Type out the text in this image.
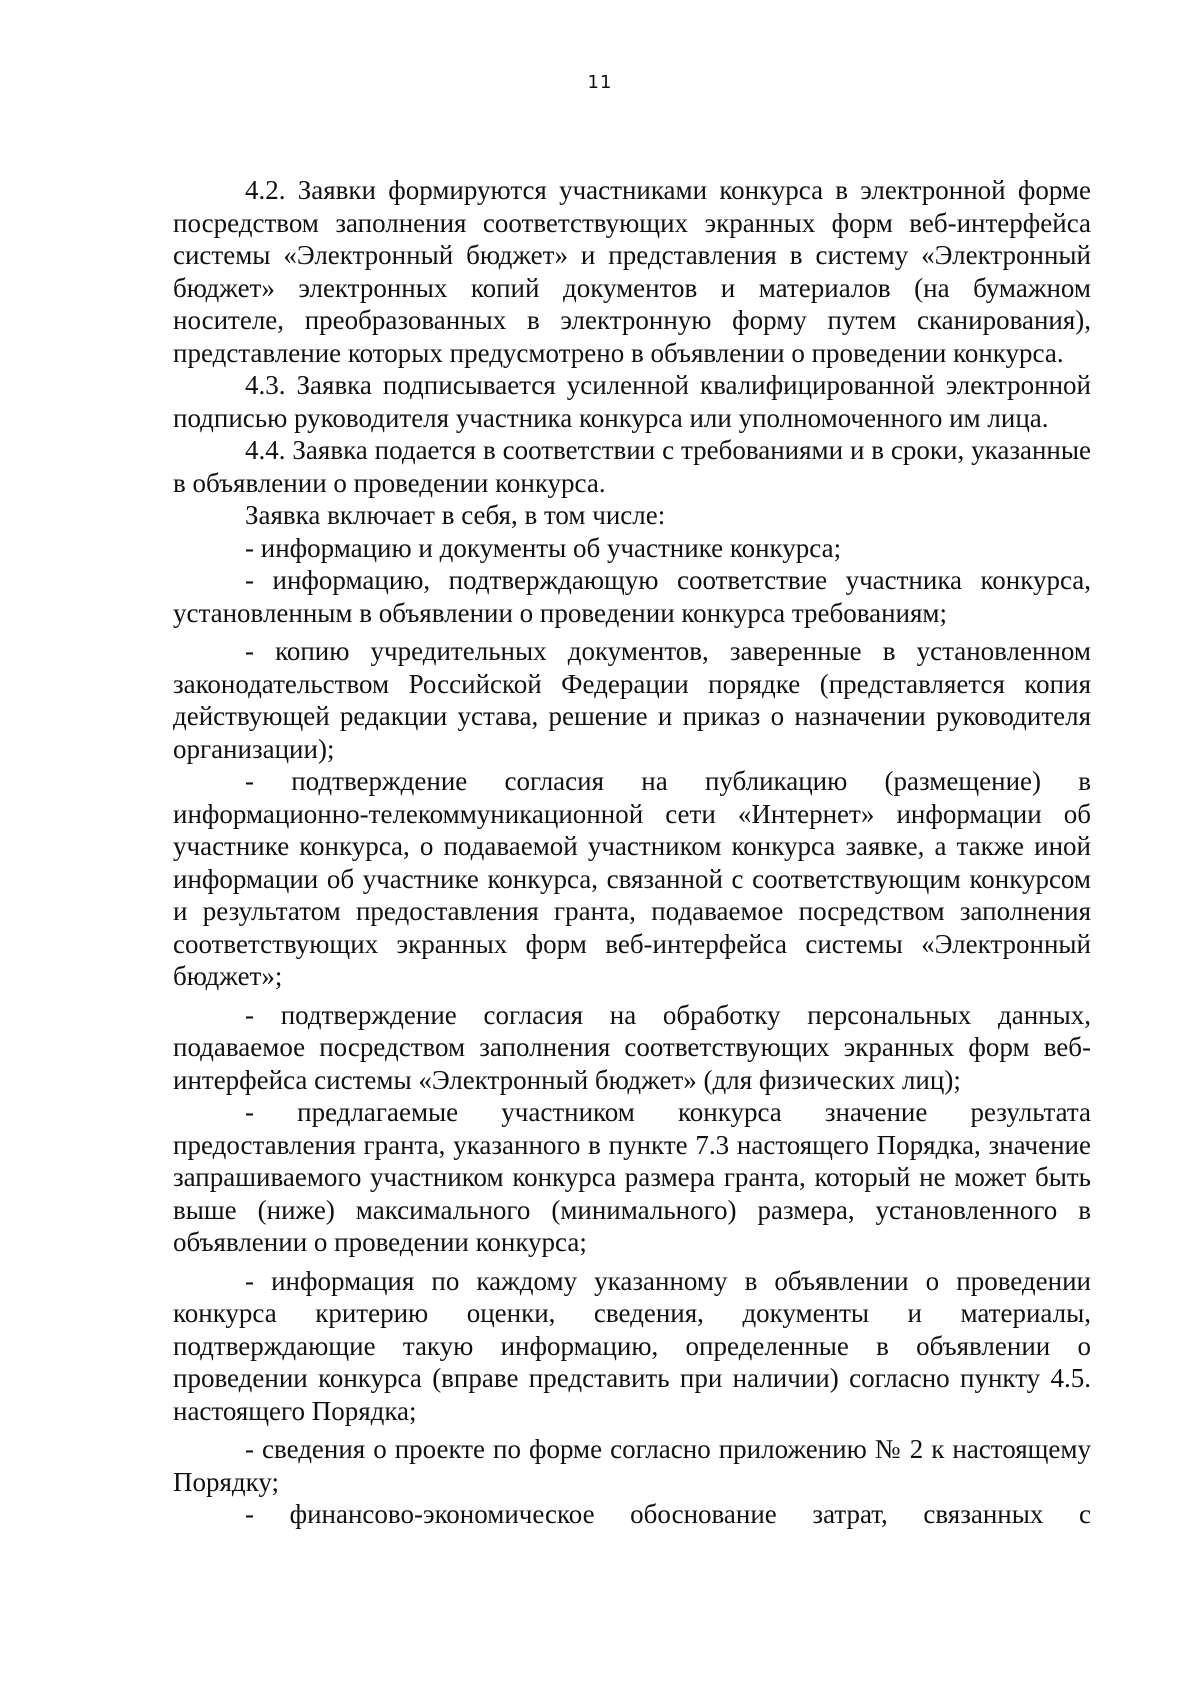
11

4.2. Заявки формируются участниками конкурса в электронной форме посредством заполнения соответствующих экранных форм веб-интерфейса системы «Электронный бюджет» и представления в систему «Электронный бюджет» электронных копий документов и материалов (на бумажном носителе, преобразованных в электронную форму путем сканирования), представление которых предусмотрено в объявлении о проведении конкурса.

4.3. Заявка подписывается усиленной квалифицированной электронной подписью руководителя участника конкурса или уполномоченного им лица.

4.4. Заявка подается в соответствии с требованиями и в сроки, указанные в объявлении о проведении конкурса.

Заявка включает в себя, в том числе:

- информацию и документы об участнике конкурса;

- информацию, подтверждающую соответствие участника конкурса, установленным в объявлении о проведении конкурса требованиям;

- копию учредительных документов, заверенные в установленном законодательством Российской Федерации порядке (представляется копия действующей редакции устава, решение и приказ о назначении руководителя организации);

- подтверждение согласия на публикацию (размещение) в информационно-телекоммуникационной сети «Интернет» информации об участнике конкурса, о подаваемой участником конкурса заявке, а также иной информации об участнике конкурса, связанной с соответствующим конкурсом и результатом предоставления гранта, подаваемое посредством заполнения соответствующих экранных форм веб-интерфейса системы «Электронный бюджет»;

- подтверждение согласия на обработку персональных данных, подаваемое посредством заполнения соответствующих экранных форм веб-интерфейса системы «Электронный бюджет» (для физических лиц);

- предлагаемые участником конкурса значение результата предоставления гранта, указанного в пункте 7.3 настоящего Порядка, значение запрашиваемого участником конкурса размера гранта, который не может быть выше (ниже) максимального (минимального) размера, установленного в объявлении о проведении конкурса;

- информация по каждому указанному в объявлении о проведении конкурса критерию оценки, сведения, документы и материалы, подтверждающие такую информацию, определенные в объявлении о проведении конкурса (вправе представить при наличии) согласно пункту 4.5. настоящего Порядка;

- сведения о проекте по форме согласно приложению № 2 к настоящему Порядку;

- финансово-экономическое обоснование затрат, связанных с
